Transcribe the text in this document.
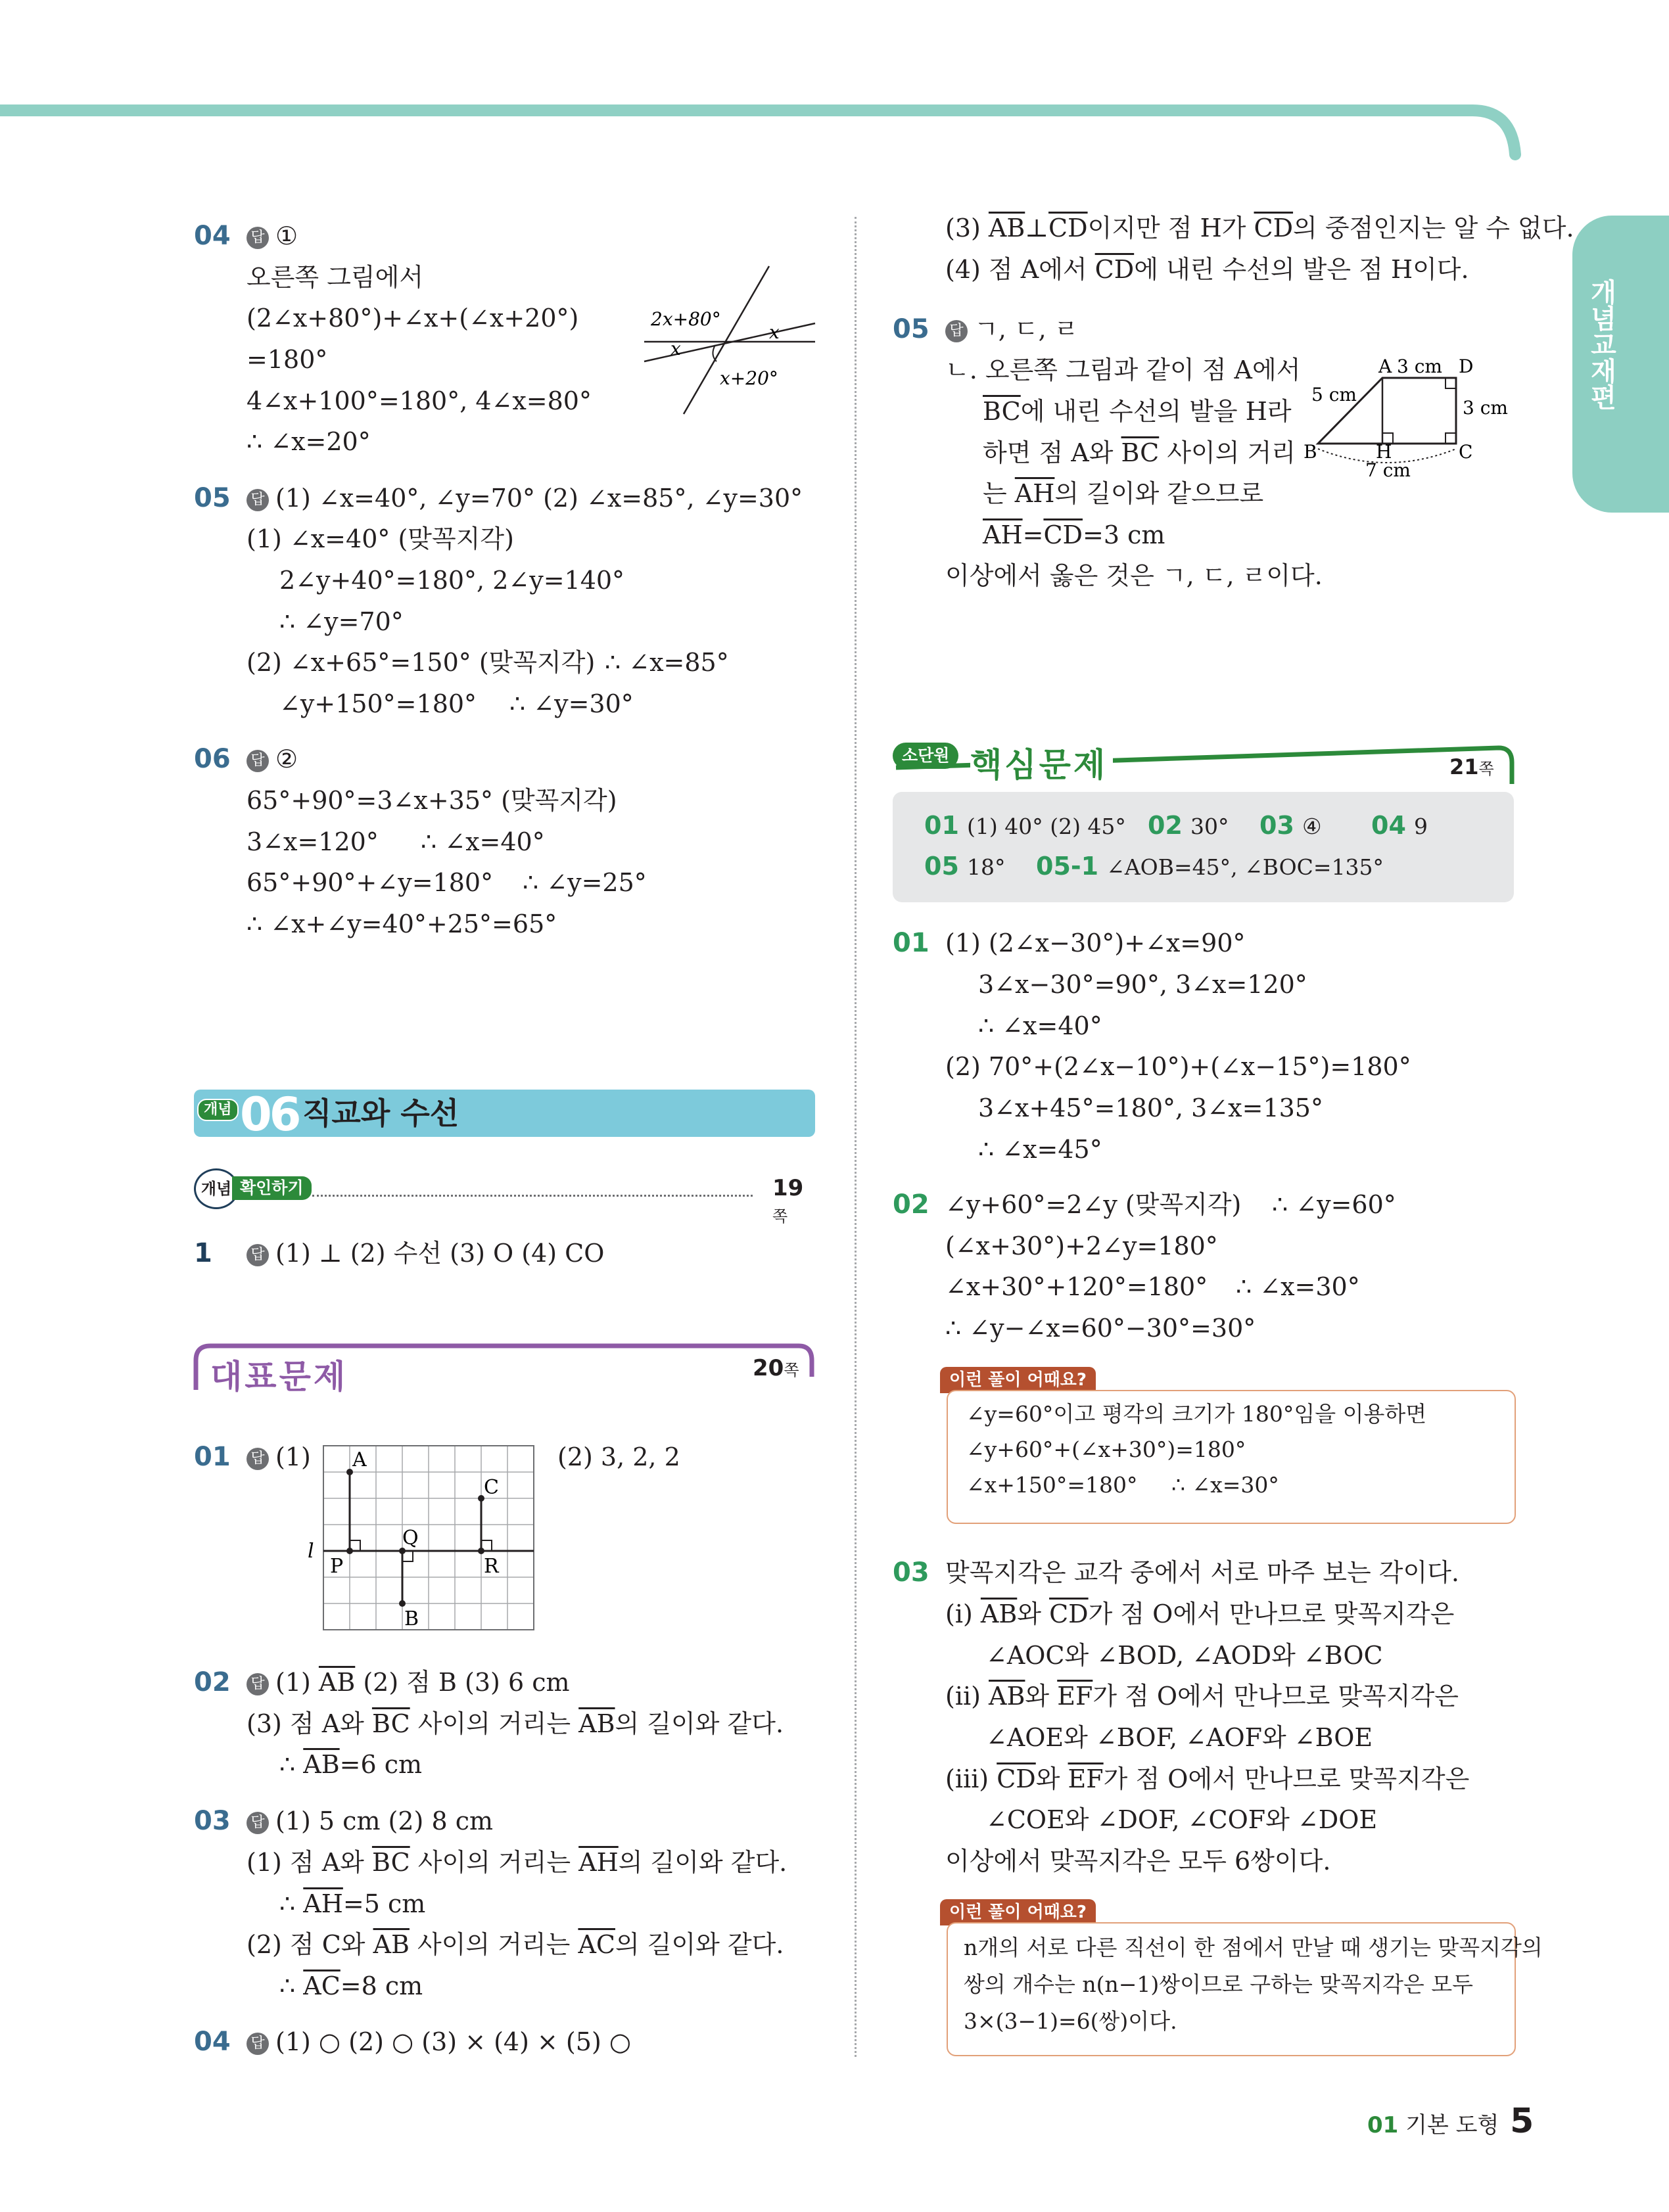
개념교재편
04 답 ①
오른쪽 그림에서
(2∠x+80°)+∠x+(∠x+20°)
=180°
4∠x+100°=180°, 4∠x=80°
∴ ∠x=20°
2x+80°
x
x
x+20°
05 답 (1) ∠x=40°, ∠y=70° (2) ∠x=85°, ∠y=30°
(1) ∠x=40° (맞꼭지각)
2∠y+40°=180°, 2∠y=140°
∴ ∠y=70°
(2) ∠x+65°=150° (맞꼭지각) ∴ ∠x=85°
∠y+150°=180° ∴ ∠y=30°
06 답 ②
65°+90°=3∠x+35° (맞꼭지각)
3∠x=120° ∴ ∠x=40°
65°+90°+∠y=180° ∴ ∠y=25°
∴ ∠x+∠y=40°+25°=65°
개념 06 직교와 수선
개념 확인하기	19쪽
1	답 (1) ⊥ (2) 수선 (3) O (4) CO
대표문제	20쪽
01 답 (1)	(2) 3, 2, 2
A
C
Q
P	R
B
l
02 답 (1) $\overline{AB}$ (2) 점 B (3) 6 cm
(3) 점 A와 $\overline{BC}$ 사이의 거리는 $\overline{AB}$의 길이와 같다.
∴ $\overline{AB}=6$ cm
03 답 (1) 5 cm (2) 8 cm
(1) 점 A와 $\overline{BC}$ 사이의 거리는 $\overline{AH}$의 길이와 같다.
∴ $\overline{AH}=5$ cm
(2) 점 C와 $\overline{AB}$ 사이의 거리는 $\overline{AC}$의 길이와 같다.
∴ $\overline{AC}=8$ cm
04 답 (1) ○ (2) ○ (3) × (4) × (5) ○
(3) $\overline{AB}\perp\overline{CD}$이지만 점 H가 $\overline{CD}$의 중점인지는 알 수 없다.
(4) 점 A에서 $\overline{CD}$에 내린 수선의 발은 점 H이다.
05 답 ㄱ, ㄷ, ㄹ
ㄴ. 오른쪽 그림과 같이 점 A에서
$\overline{BC}$에 내린 수선의 발을 H라
하면 점 A와 $\overline{BC}$ 사이의 거리
는 $\overline{AH}$의 길이와 같으므로
$\overline{AH}=\overline{CD}=3$ cm
이상에서 옳은 것은 ㄱ, ㄷ, ㄹ이다.
A 3 cm D
5 cm
3 cm
B	H	C
7 cm
소단원 핵심문제	21쪽
01 (1) 40° (2) 45° 02 30° 03 ④ 04 9
05 18° 05-1 ∠AOB=45°, ∠BOC=135°
01 (1) (2∠x−30°)+∠x=90°
3∠x−30°=90°, 3∠x=120°
∴ ∠x=40°
(2) 70°+(2∠x−10°)+(∠x−15°)=180°
3∠x+45°=180°, 3∠x=135°
∴ ∠x=45°
02 ∠y+60°=2∠y (맞꼭지각) ∴ ∠y=60°
(∠x+30°)+2∠y=180°
∠x+30°+120°=180° ∴ ∠x=30°
∴ ∠y−∠x=60°−30°=30°
이런 풀이 어때요?
∠y=60°이고 평각의 크기가 180°임을 이용하면
∠y+60°+(∠x+30°)=180°
∠x+150°=180° ∴ ∠x=30°
03 맞꼭지각은 교각 중에서 서로 마주 보는 각이다.
(ⅰ) $\overline{AB}$와 $\overline{CD}$가 점 O에서 만나므로 맞꼭지각은
∠AOC와 ∠BOD, ∠AOD와 ∠BOC
(ⅱ) $\overline{AB}$와 $\overline{EF}$가 점 O에서 만나므로 맞꼭지각은
∠AOE와 ∠BOF, ∠AOF와 ∠BOE
(ⅲ) $\overline{CD}$와 $\overline{EF}$가 점 O에서 만나므로 맞꼭지각은
∠COE와 ∠DOF, ∠COF와 ∠DOE
이상에서 맞꼭지각은 모두 6쌍이다.
이런 풀이 어때요?
n개의 서로 다른 직선이 한 점에서 만날 때 생기는 맞꼭지각의
쌍의 개수는 n(n−1)쌍이므로 구하는 맞꼭지각은 모두
3×(3−1)=6(쌍)이다.
01 기본 도형 5
